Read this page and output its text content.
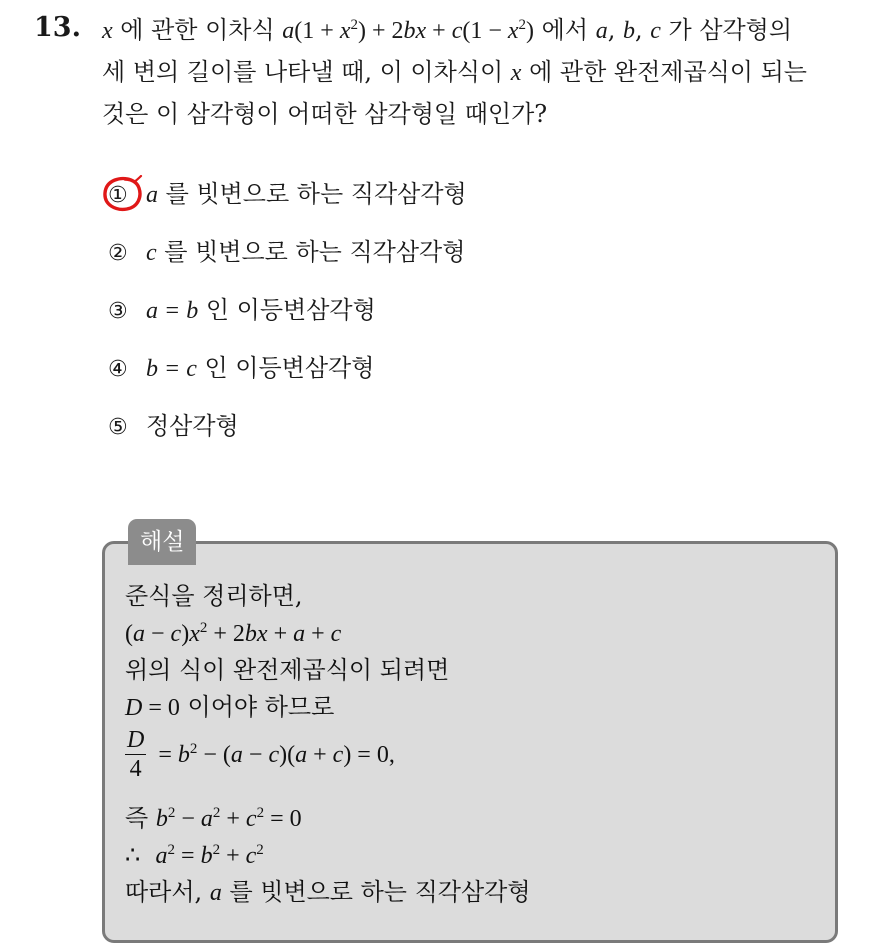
13. x 에 관한 이차식 $a(1 + x^2) + 2bx + c(1 - x^2)$ 에서 a, b, c 가 삼각형의
세 변의 길이를 나타낼 때, 이 이차식이 x 에 관한 완전제곱식이 되는
것은 이 삼각형이 어떠한 삼각형일 때인가?
① a 를 빗변으로 하는 직각삼각형
② c 를 빗변으로 하는 직각삼각형
③ a = b 인 이등변삼각형
④ b = c 인 이등변삼각형
⑤ 정삼각형
해설
준식을 정리하면,
$(a - c)x^2 + 2bx + a + c$
위의 식이 완전제곱식이 되려면
D = 0 이어야 하므로
$\frac{D}{4} = b^2 - (a - c)(a + c) = 0$,
즉 $b^2 - a^2 + c^2 = 0$
∴ $a^2 = b^2 + c^2$
따라서, a 를 빗변으로 하는 직각삼각형
